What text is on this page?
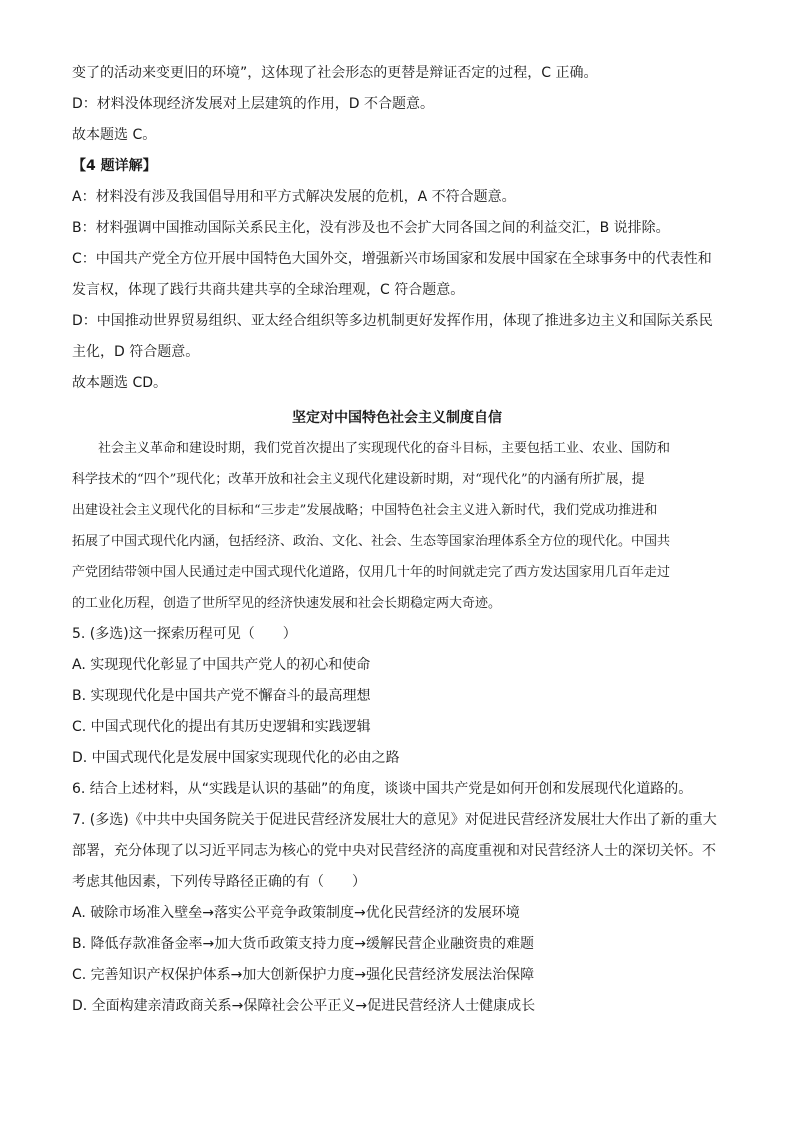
变了的活动来变更旧的环境”，这体现了社会形态的更替是辩证否定的过程，C 正确。

D：材料没体现经济发展对上层建筑的作用，D 不合题意。

故本题选 C。

【4 题详解】

A：材料没有涉及我国倡导用和平方式解决发展的危机，A 不符合题意。

B：材料强调中国推动国际关系民主化，没有涉及也不会扩大同各国之间的利益交汇，B 说排除。

C：中国共产党全方位开展中国特色大国外交，增强新兴市场国家和发展中国家在全球事务中的代表性和

发言权，体现了践行共商共建共享的全球治理观，C 符合题意。

D：中国推动世界贸易组织、亚太经合组织等多边机制更好发挥作用，体现了推进多边主义和国际关系民

主化，D 符合题意。

故本题选 CD。

坚定对中国特色社会主义制度自信

社会主义革命和建设时期，我们党首次提出了实现现代化的奋斗目标，主要包括工业、农业、国防和

科学技术的“四个”现代化；改革开放和社会主义现代化建设新时期，对“现代化”的内涵有所扩展，提

出建设社会主义现代化的目标和“三步走”发展战略；中国特色社会主义进入新时代，我们党成功推进和

拓展了中国式现代化内涵，包括经济、政治、文化、社会、生态等国家治理体系全方位的现代化。中国共

产党团结带领中国人民通过走中国式现代化道路，仅用几十年的时间就走完了西方发达国家用几百年走过

的工业化历程，创造了世所罕见的经济快速发展和社会长期稳定两大奇迹。

5. (多选)这一探索历程可见（　　）

A. 实现现代化彰显了中国共产党人的初心和使命

B. 实现现代化是中国共产党不懈奋斗的最高理想

C. 中国式现代化的提出有其历史逻辑和实践逻辑

D. 中国式现代化是发展中国家实现现代化的必由之路

6. 结合上述材料，从“实践是认识的基础”的角度，谈谈中国共产党是如何开创和发展现代化道路的。

7. (多选)《中共中央国务院关于促进民营经济发展壮大的意见》对促进民营经济发展壮大作出了新的重大

部署，充分体现了以习近平同志为核心的党中央对民营经济的高度重视和对民营经济人士的深切关怀。不

考虑其他因素，下列传导路径正确的有（　　）

A. 破除市场准入壁垒→落实公平竞争政策制度→优化民营经济的发展环境

B. 降低存款准备金率→加大货币政策支持力度→缓解民营企业融资贵的难题

C. 完善知识产权保护体系→加大创新保护力度→强化民营经济发展法治保障

D. 全面构建亲清政商关系→保障社会公平正义→促进民营经济人士健康成长
